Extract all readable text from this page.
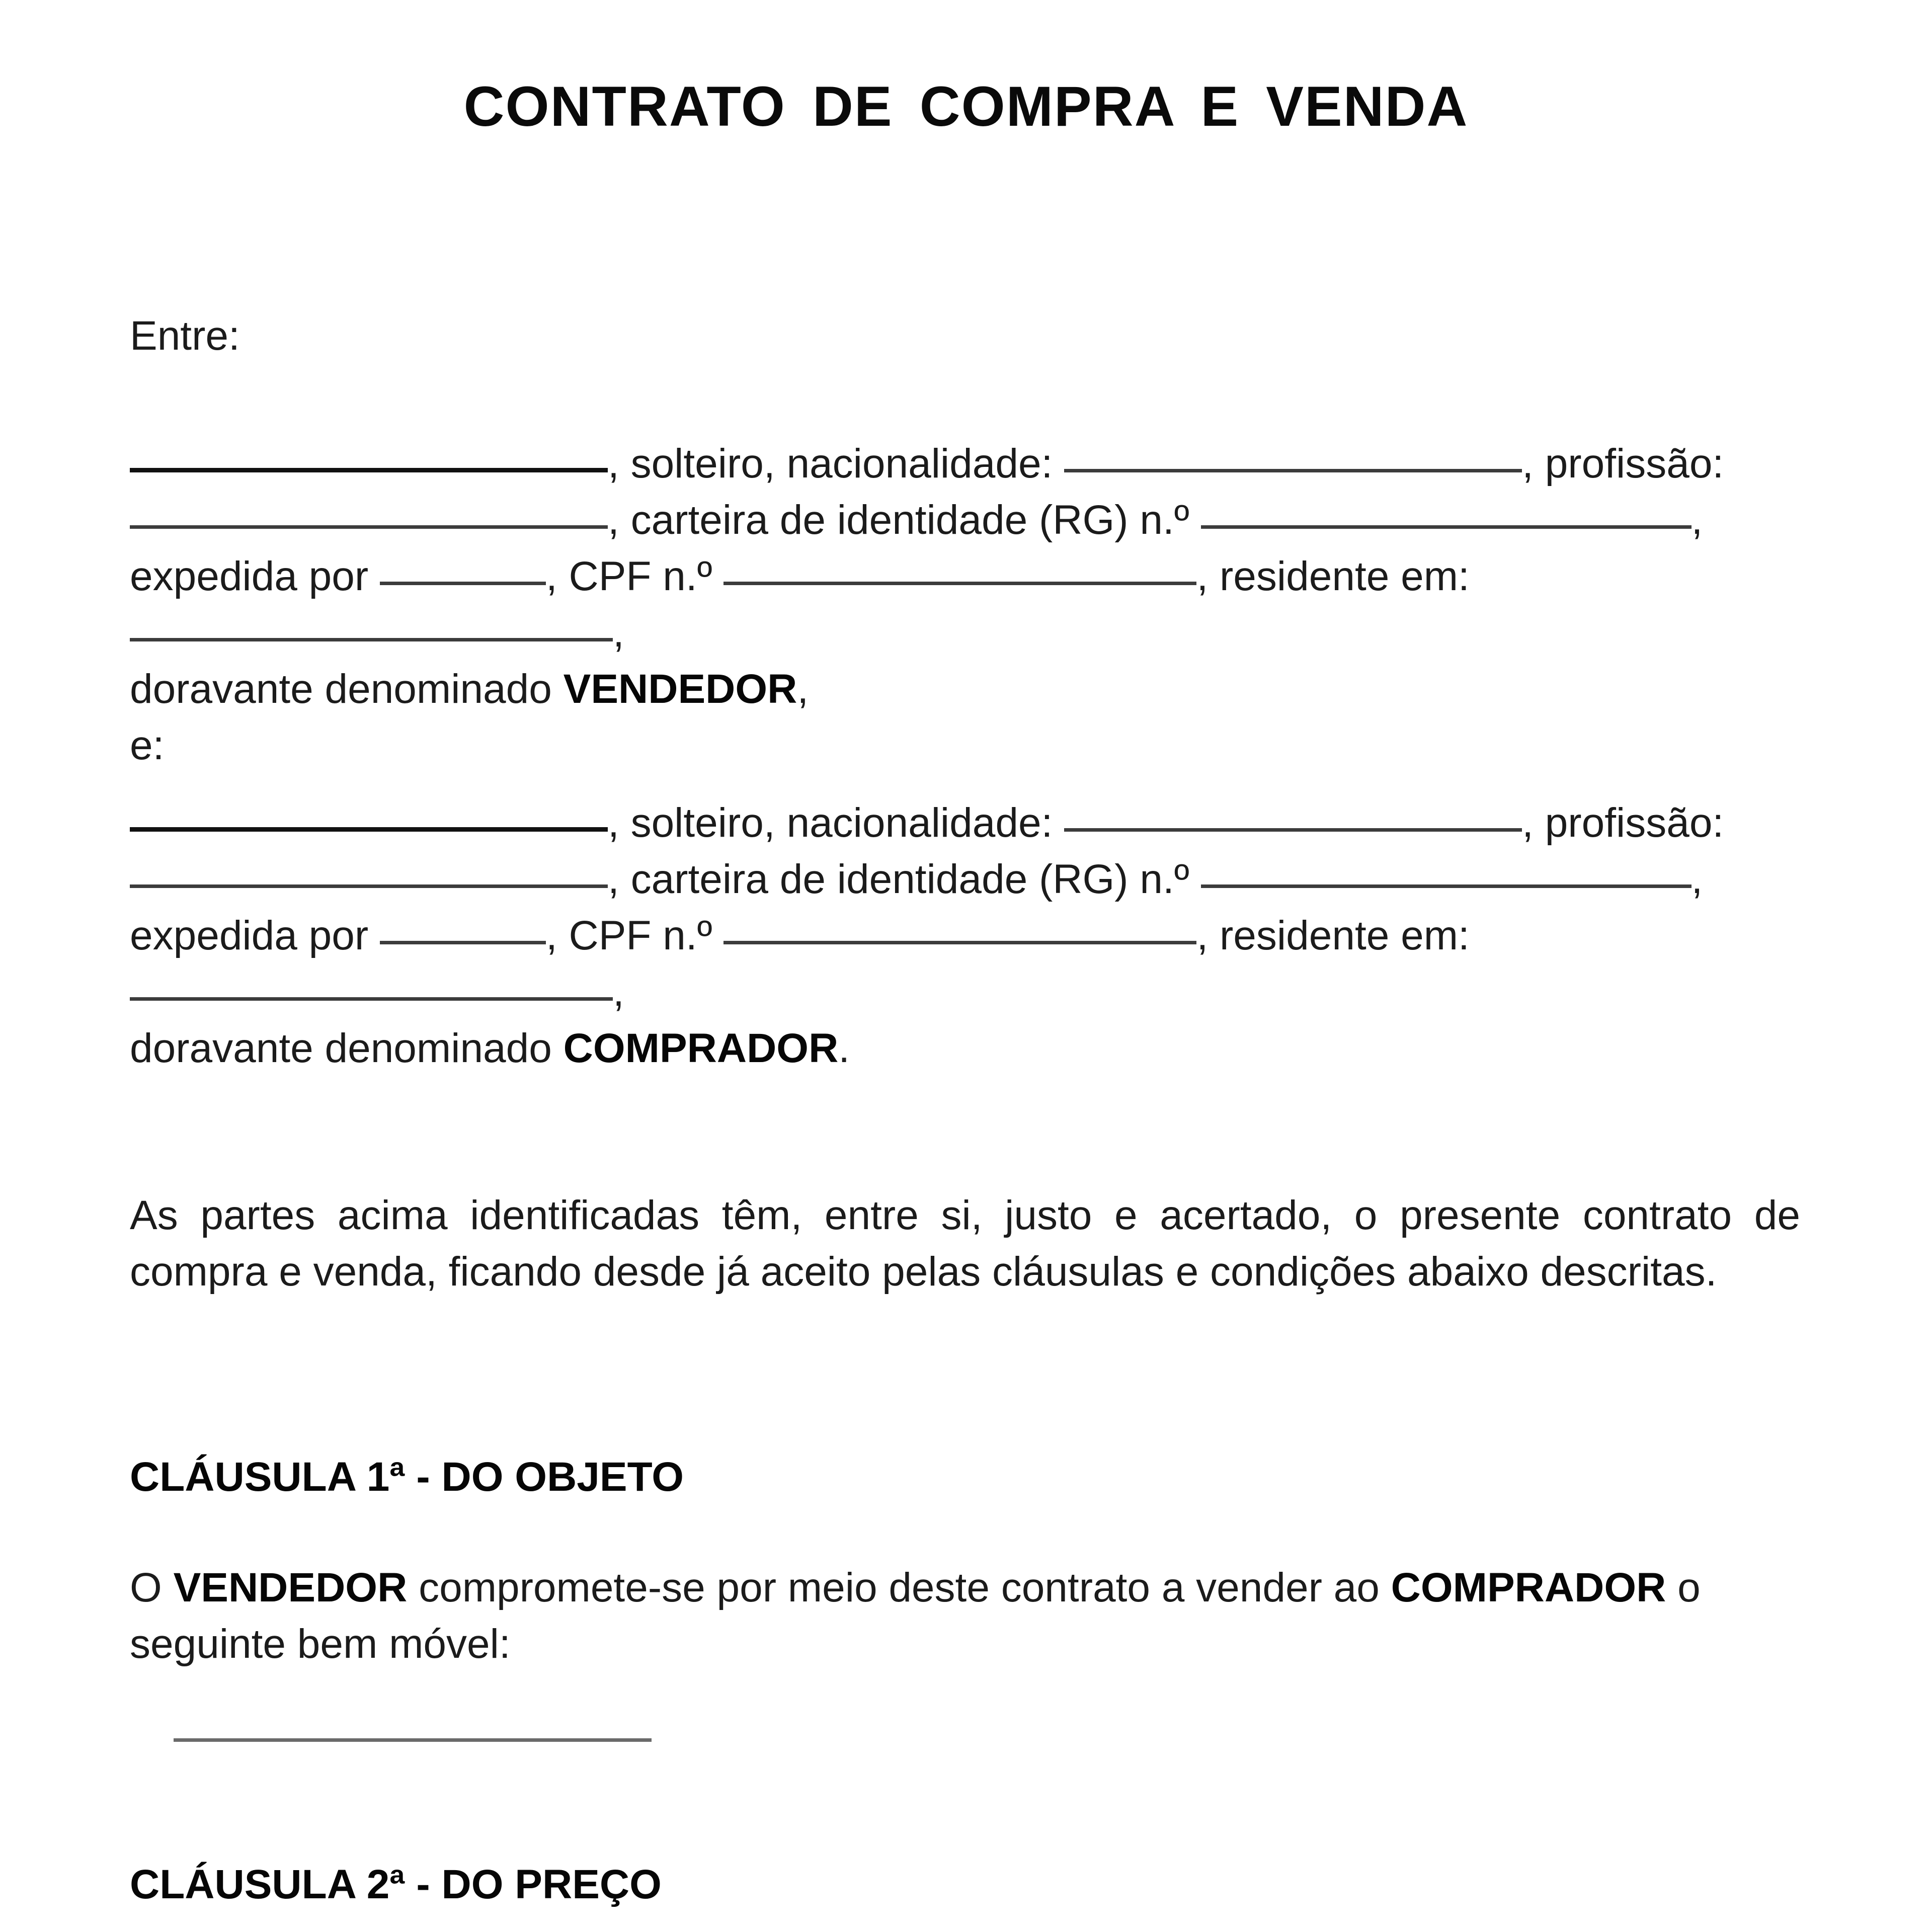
CONTRATO DE COMPRA E VENDA
Entre:
, solteiro, nacionalidade:	, profissão:
, carteira de identidade (RG) n.º	,
expedida por	, CPF n.º	, residente em:
,
doravante denominado VENDEDOR,
e:
, solteiro, nacionalidade:	, profissão:
, carteira de identidade (RG) n.º	,
expedida por	, CPF n.º	, residente em:
,
doravante denominado COMPRADOR.

As partes acima identificadas têm, entre si, justo e acertado, o presente contrato de compra e venda, ficando desde já aceito pelas cláusulas e condições abaixo descritas.

CLÁUSULA 1ª - DO OBJETO

O VENDEDOR compromete-se por meio deste contrato a vender ao COMPRADOR o seguinte bem móvel:

CLÁUSULA 2ª - DO PREÇO
